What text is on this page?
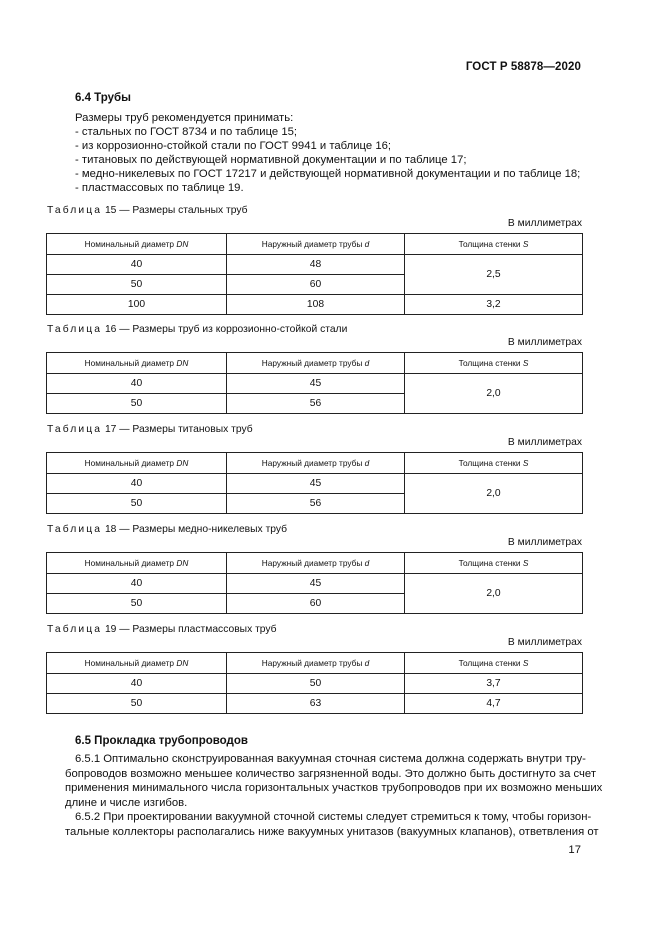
ГОСТ Р 58878—2020
6.4 Трубы
Размеры труб рекомендуется принимать:
- стальных по ГОСТ 8734 и по таблице 15;
- из коррозионно-стойкой стали по ГОСТ 9941 и таблице 16;
- титановых по действующей нормативной документации и по таблице 17;
- медно-никелевых по ГОСТ 17217 и действующей нормативной документации и по таблице 18;
- пластмассовых по таблице 19.
Таблица 15 — Размеры стальных труб
В миллиметрах
Номинальный диаметр DN	Наружный диаметр трубы d	Толщина стенки S
40	48	2,5
50	60	
100	108	3,2
Таблица 16 — Размеры труб из коррозионно-стойкой стали
В миллиметрах
Номинальный диаметр DN	Наружный диаметр трубы d	Толщина стенки S
40	45	2,0
50	56	
Таблица 17 — Размеры титановых труб
В миллиметрах
Номинальный диаметр DN	Наружный диаметр трубы d	Толщина стенки S
40	45	2,0
50	56	
Таблица 18 — Размеры медно-никелевых труб
В миллиметрах
Номинальный диаметр DN	Наружный диаметр трубы d	Толщина стенки S
40	45	2,0
50	60	
Таблица 19 — Размеры пластмассовых труб
В миллиметрах
Номинальный диаметр DN	Наружный диаметр трубы d	Толщина стенки S
40	50	3,7
50	63	4,7
6.5 Прокладка трубопроводов
6.5.1 Оптимально сконструированная вакуумная сточная система должна содержать внутри тру-
бопроводов возможно меньшее количество загрязненной воды. Это должно быть достигнуто за счет
применения минимального числа горизонтальных участков трубопроводов при их возможно меньших
длине и числе изгибов.
6.5.2 При проектировании вакуумной сточной системы следует стремиться к тому, чтобы горизон-
тальные коллекторы располагались ниже вакуумных унитазов (вакуумных клапанов), ответвления от
17
